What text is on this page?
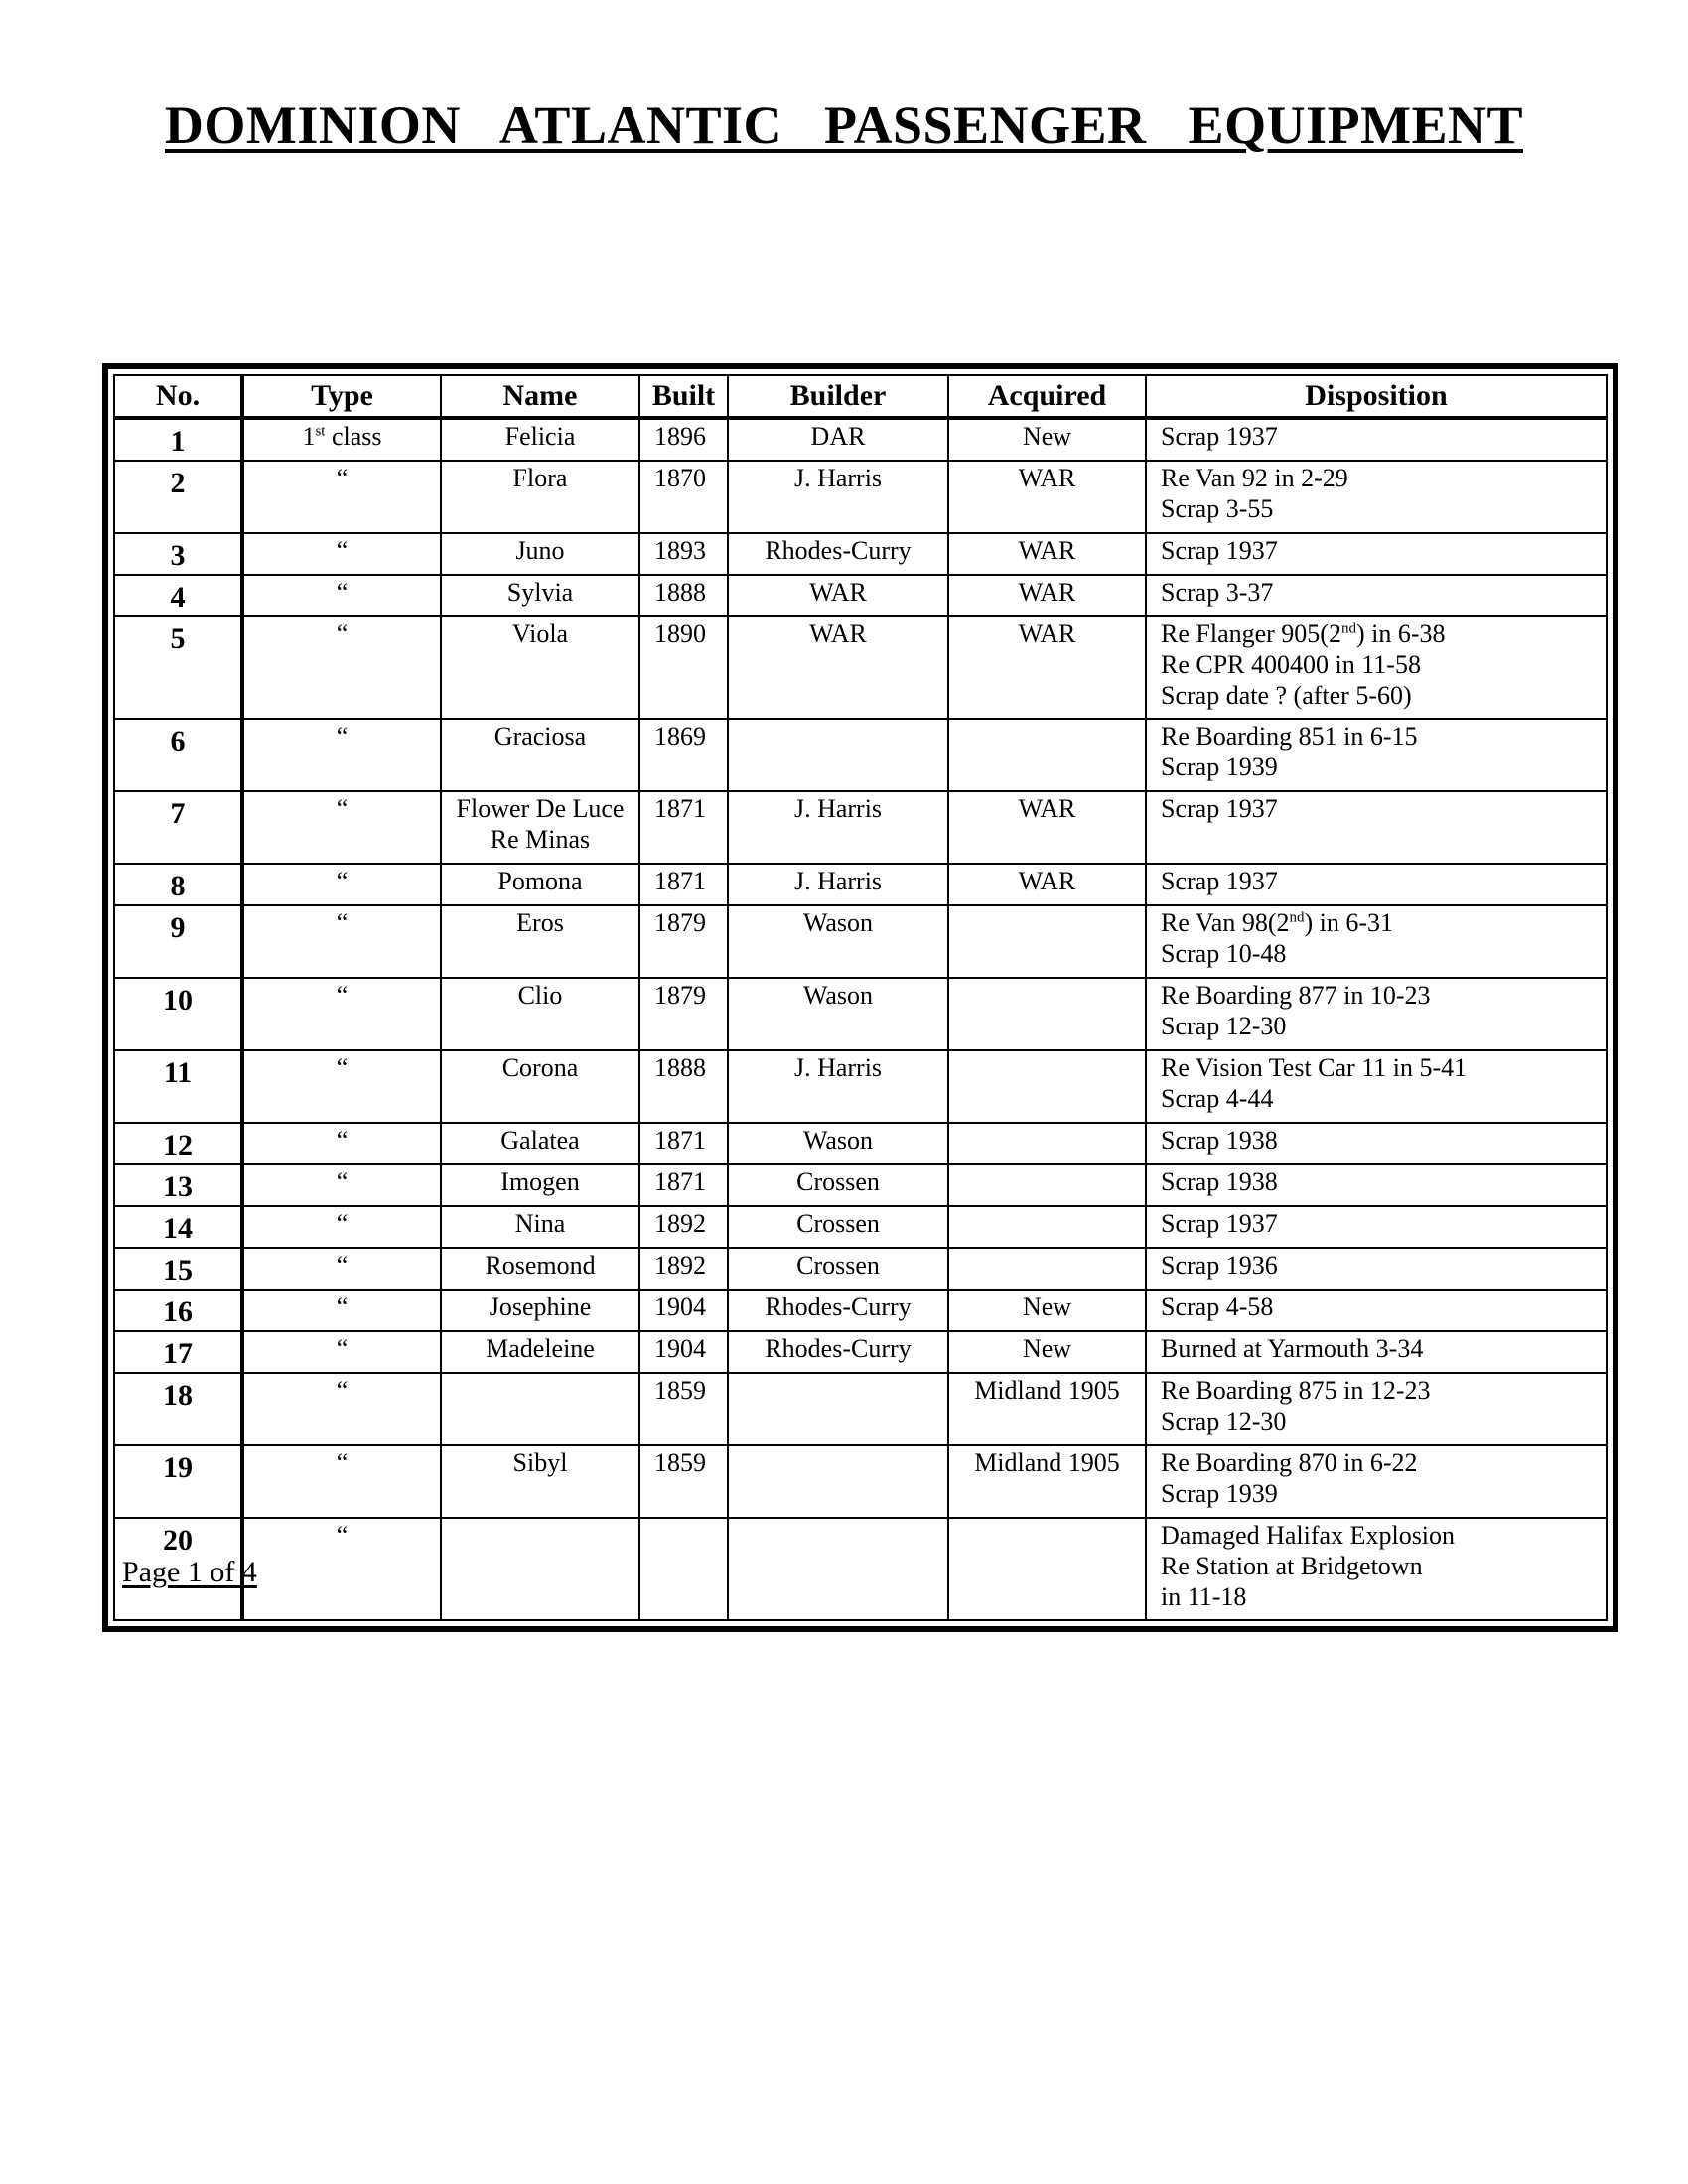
DOMINION ATLANTIC PASSENGER EQUIPMENT
No.	Type	Name	Built	Builder	Acquired	Disposition
1	1st class	Felicia	1896	DAR	New	Scrap 1937
2	“	Flora	1870	J. Harris	WAR	Re Van 92 in 2-29
Scrap 3-55
3	“	Juno	1893	Rhodes-Curry	WAR	Scrap 1937
4	“	Sylvia	1888	WAR	WAR	Scrap 3-37
5	“	Viola	1890	WAR	WAR	Re Flanger 905(2nd) in 6-38
Re CPR 400400 in 11-58
Scrap date ? (after 5-60)
6	“	Graciosa	1869			Re Boarding 851 in 6-15
Scrap 1939
7	“	Flower De Luce
Re Minas	1871	J. Harris	WAR	Scrap 1937
8	“	Pomona	1871	J. Harris	WAR	Scrap 1937
9	“	Eros	1879	Wason		Re Van 98(2nd) in 6-31
Scrap 10-48
10	“	Clio	1879	Wason		Re Boarding 877 in 10-23
Scrap 12-30
11	“	Corona	1888	J. Harris		Re Vision Test Car 11 in 5-41
Scrap 4-44
12	“	Galatea	1871	Wason		Scrap 1938
13	“	Imogen	1871	Crossen		Scrap 1938
14	“	Nina	1892	Crossen		Scrap 1937
15	“	Rosemond	1892	Crossen		Scrap 1936
16	“	Josephine	1904	Rhodes-Curry	New	Scrap 4-58
17	“	Madeleine	1904	Rhodes-Curry	New	Burned at Yarmouth 3-34
18	“		1859		Midland 1905	Re Boarding 875 in 12-23
Scrap 12-30
19	“	Sibyl	1859		Midland 1905	Re Boarding 870 in 6-22
Scrap 1939
20	“					Damaged Halifax Explosion
Re Station at Bridgetown
in 11-18
Page 1 of 4
